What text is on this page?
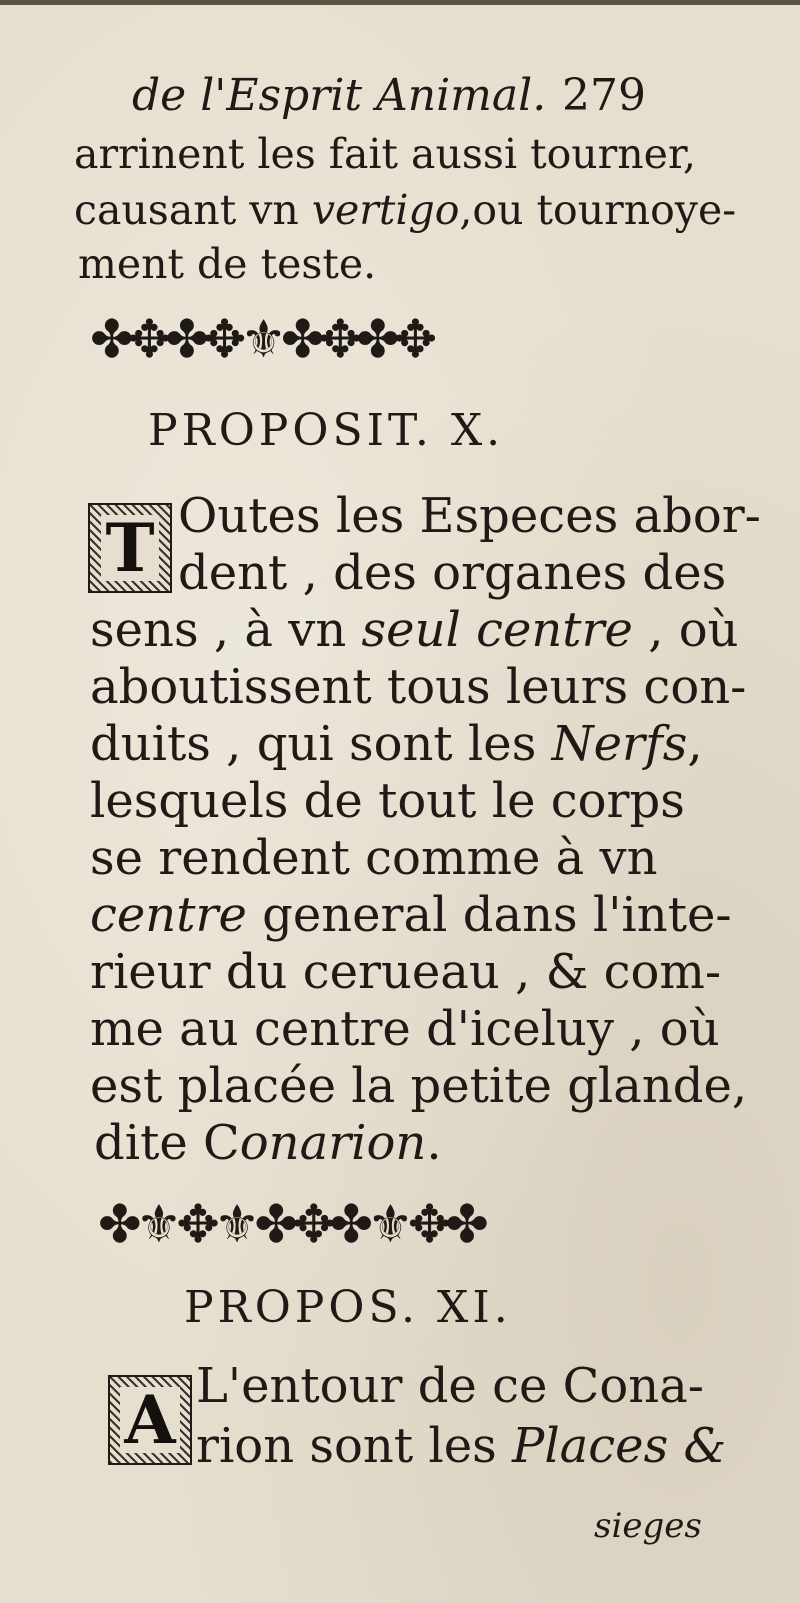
de l'Esprit Animal. 279
arrinent les fait aussi tourner,
causant vn vertigo,ou tournoye-
ment de teste.
✤✥✤✥⚜✤✥✤✥
PROPOSIT. X.
T Outes les Especes abor-
dent , des organes des
sens , à vn seul centre , où
aboutissent tous leurs con-
duits , qui sont les Nerfs,
lesquels de tout le corps
se rendent comme à vn
centre general dans l'inte-
rieur du cerueau , & com-
me au centre d'iceluy , où
est placée la petite glande,
dite Conarion.
✤⚜✥⚜✤✥✤⚜✥✤
PROPOS. XI.
A L'entour de ce Cona-
rion sont les Places &
sieges
